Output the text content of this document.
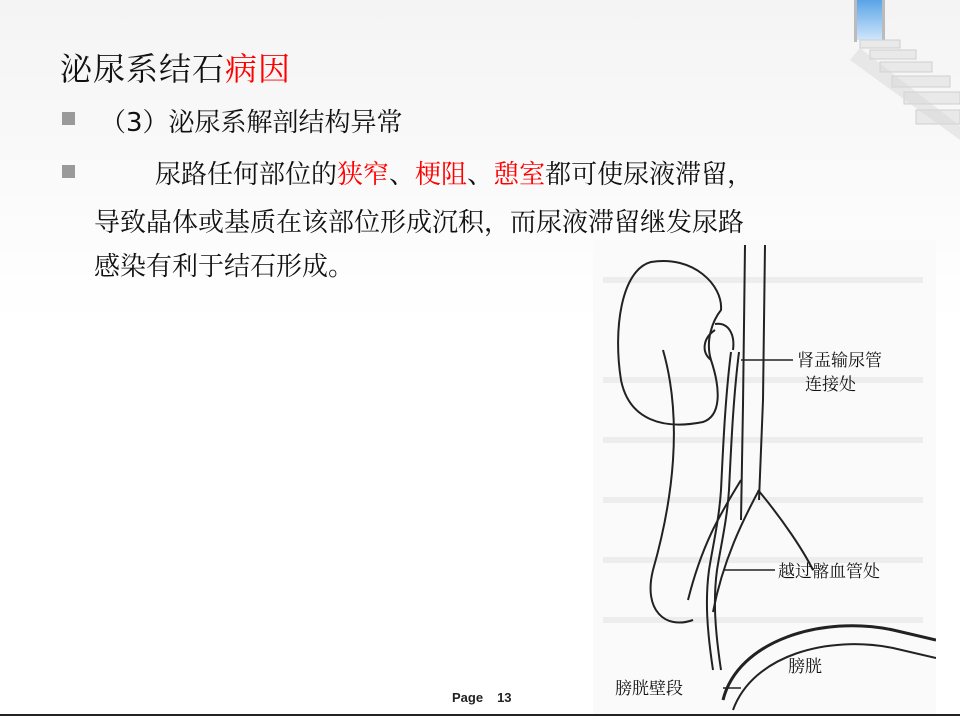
泌尿系结石病因
（3）泌尿系解剖结构异常
尿路任何部位的狭窄、梗阻、憩室都可使尿液滞留，
导致晶体或基质在该部位形成沉积，而尿液滞留继发尿路
感染有利于结石形成。
肾盂输尿管
连接处
越过髂血管处
膀胱
膀胱壁段
Page 13
